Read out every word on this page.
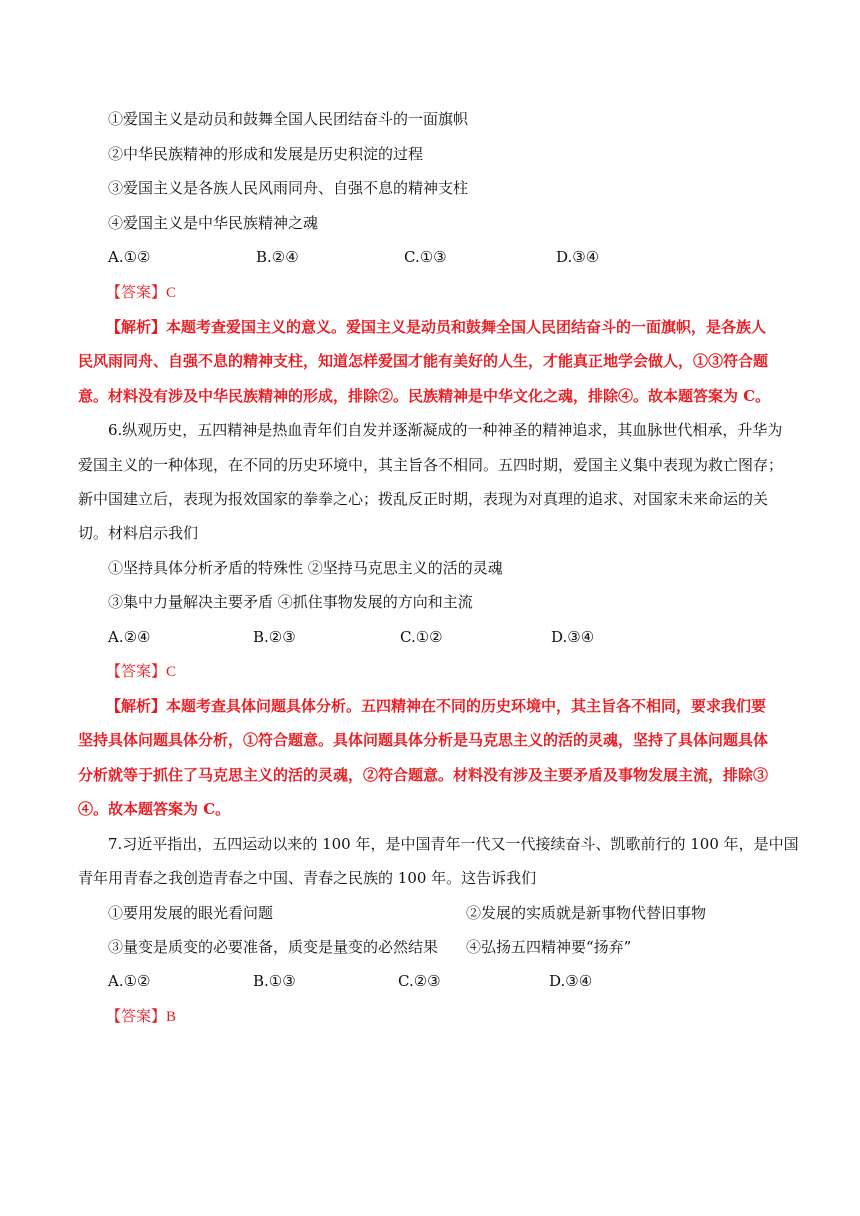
①爱国主义是动员和鼓舞全国人民团结奋斗的一面旗帜
②中华民族精神的形成和发展是历史积淀的过程
③爱国主义是各族人民风雨同舟、自强不息的精神支柱
④爱国主义是中华民族精神之魂
A.①②	B.②④	C.①③	D.③④
【答案】C
【解析】本题考查爱国主义的意义。爱国主义是动员和鼓舞全国人民团结奋斗的一面旗帜，是各族人
民风雨同舟、自强不息的精神支柱，知道怎样爱国才能有美好的人生，才能真正地学会做人，①③符合题
意。材料没有涉及中华民族精神的形成，排除②。民族精神是中华文化之魂，排除④。故本题答案为 C。
6.纵观历史，五四精神是热血青年们自发并逐渐凝成的一种神圣的精神追求，其血脉世代相承，升华为
爱国主义的一种体现，在不同的历史环境中，其主旨各不相同。五四时期，爱国主义集中表现为救亡图存；
新中国建立后，表现为报效国家的拳拳之心；拨乱反正时期，表现为对真理的追求、对国家未来命运的关
切。材料启示我们
①坚持具体分析矛盾的特殊性 ②坚持马克思主义的活的灵魂
③集中力量解决主要矛盾 ④抓住事物发展的方向和主流
A.②④	B.②③	C.①②	D.③④
【答案】C
【解析】本题考查具体问题具体分析。五四精神在不同的历史环境中，其主旨各不相同，要求我们要
坚持具体问题具体分析，①符合题意。具体问题具体分析是马克思主义的活的灵魂，坚持了具体问题具体
分析就等于抓住了马克思主义的活的灵魂，②符合题意。材料没有涉及主要矛盾及事物发展主流，排除③
④。故本题答案为 C。
7.习近平指出，五四运动以来的 100 年，是中国青年一代又一代接续奋斗、凯歌前行的 100 年，是中国
青年用青春之我创造青春之中国、青春之民族的 100 年。这告诉我们
①要用发展的眼光看问题	②发展的实质就是新事物代替旧事物
③量变是质变的必要准备，质变是量变的必然结果 ④弘扬五四精神要“扬弃”
A.①②	B.①③	C.②③	D.③④
【答案】B
